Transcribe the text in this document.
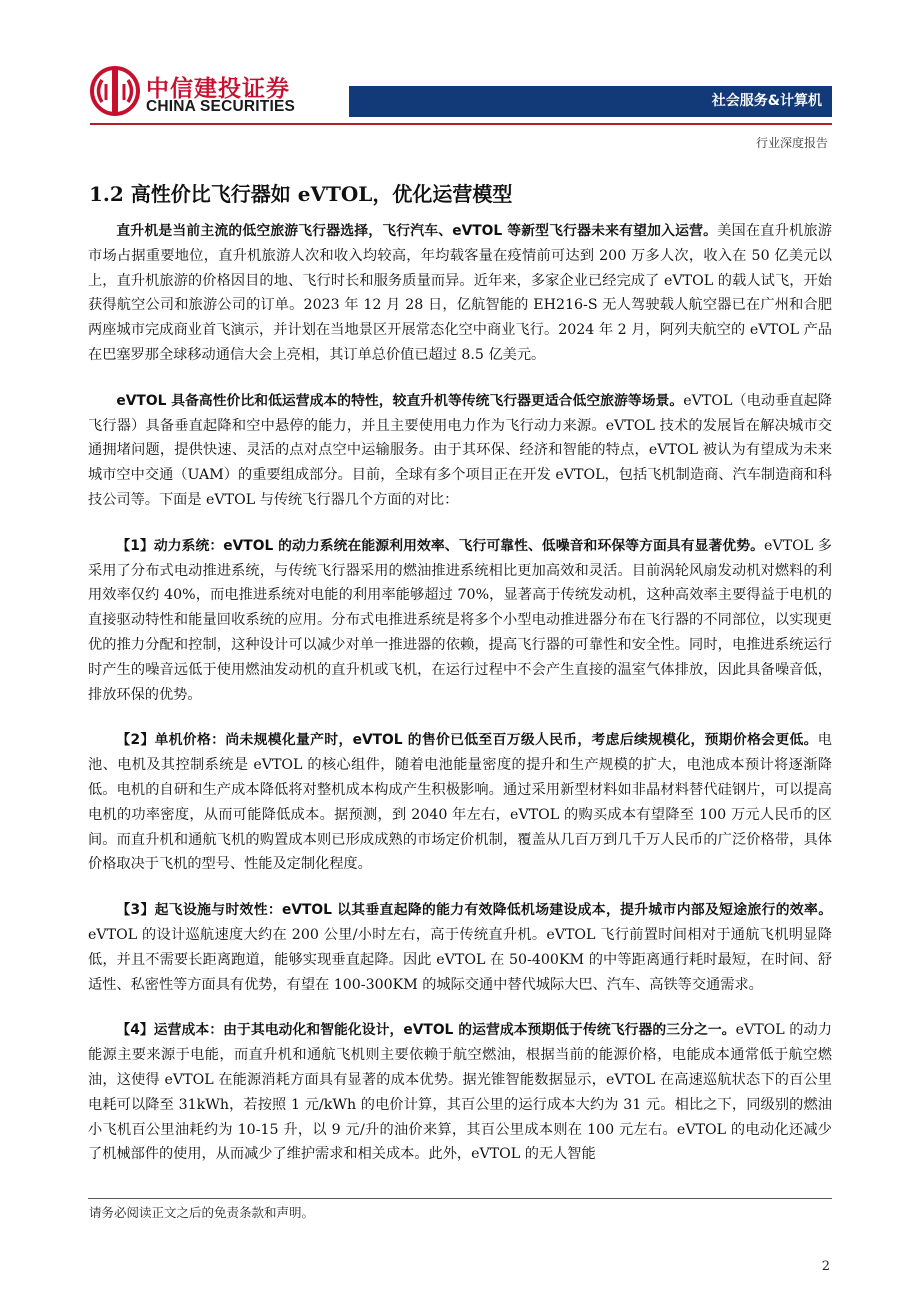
中信建投证券
CHINA SECURITIES	社会服务&计算机
行业深度报告
1.2 高性价比飞行器如 eVTOL，优化运营模型

直升机是当前主流的低空旅游飞行器选择，飞行汽车、eVTOL 等新型飞行器未来有望加入运营。美国在直升机旅游市场占据重要地位，直升机旅游人次和收入均较高，年均载客量在疫情前可达到 200 万多人次，收入在 50 亿美元以上，直升机旅游的价格因目的地、飞行时长和服务质量而异。近年来，多家企业已经完成了 eVTOL 的载人试飞，开始获得航空公司和旅游公司的订单。2023 年 12 月 28 日，亿航智能的 EH216-S 无人驾驶载人航空器已在广州和合肥两座城市完成商业首飞演示，并计划在当地景区开展常态化空中商业飞行。2024 年 2 月，阿列夫航空的 eVTOL 产品在巴塞罗那全球移动通信大会上亮相，其订单总价值已超过 8.5 亿美元。

eVTOL 具备高性价比和低运营成本的特性，较直升机等传统飞行器更适合低空旅游等场景。eVTOL（电动垂直起降飞行器）具备垂直起降和空中悬停的能力，并且主要使用电力作为飞行动力来源。eVTOL 技术的发展旨在解决城市交通拥堵问题，提供快速、灵活的点对点空中运输服务。由于其环保、经济和智能的特点，eVTOL 被认为有望成为未来城市空中交通（UAM）的重要组成部分。目前，全球有多个项目正在开发 eVTOL，包括飞机制造商、汽车制造商和科技公司等。下面是 eVTOL 与传统飞行器几个方面的对比：

【1】动力系统：eVTOL 的动力系统在能源利用效率、飞行可靠性、低噪音和环保等方面具有显著优势。eVTOL 多采用了分布式电动推进系统，与传统飞行器采用的燃油推进系统相比更加高效和灵活。目前涡轮风扇发动机对燃料的利用效率仅约 40%，而电推进系统对电能的利用率能够超过 70%，显著高于传统发动机，这种高效率主要得益于电机的直接驱动特性和能量回收系统的应用。分布式电推进系统是将多个小型电动推进器分布在飞行器的不同部位，以实现更优的推力分配和控制，这种设计可以减少对单一推进器的依赖，提高飞行器的可靠性和安全性。同时，电推进系统运行时产生的噪音远低于使用燃油发动机的直升机或飞机，在运行过程中不会产生直接的温室气体排放，因此具备噪音低，排放环保的优势。

【2】单机价格：尚未规模化量产时，eVTOL 的售价已低至百万级人民币，考虑后续规模化，预期价格会更低。电池、电机及其控制系统是 eVTOL 的核心组件，随着电池能量密度的提升和生产规模的扩大，电池成本预计将逐渐降低。电机的自研和生产成本降低将对整机成本构成产生积极影响。通过采用新型材料如非晶材料替代硅钢片，可以提高电机的功率密度，从而可能降低成本。据预测，到 2040 年左右，eVTOL 的购买成本有望降至 100 万元人民币的区间。而直升机和通航飞机的购置成本则已形成成熟的市场定价机制，覆盖从几百万到几千万人民币的广泛价格带，具体价格取决于飞机的型号、性能及定制化程度。

【3】起飞设施与时效性：eVTOL 以其垂直起降的能力有效降低机场建设成本，提升城市内部及短途旅行的效率。eVTOL 的设计巡航速度大约在 200 公里/小时左右，高于传统直升机。eVTOL 飞行前置时间相对于通航飞机明显降低，并且不需要长距离跑道，能够实现垂直起降。因此 eVTOL 在 50-400KM 的中等距离通行耗时最短，在时间、舒适性、私密性等方面具有优势，有望在 100-300KM 的城际交通中替代城际大巴、汽车、高铁等交通需求。

【4】运营成本：由于其电动化和智能化设计，eVTOL 的运营成本预期低于传统飞行器的三分之一。eVTOL 的动力能源主要来源于电能，而直升机和通航飞机则主要依赖于航空燃油，根据当前的能源价格，电能成本通常低于航空燃油，这使得 eVTOL 在能源消耗方面具有显著的成本优势。据光锥智能数据显示，eVTOL 在高速巡航状态下的百公里电耗可以降至 31kWh，若按照 1 元/kWh 的电价计算，其百公里的运行成本大约为 31 元。相比之下，同级别的燃油小飞机百公里油耗约为 10-15 升，以 9 元/升的油价来算，其百公里成本则在 100 元左右。eVTOL 的电动化还减少了机械部件的使用，从而减少了维护需求和相关成本。此外，eVTOL 的无人智能

请务必阅读正文之后的免责条款和声明。
2
